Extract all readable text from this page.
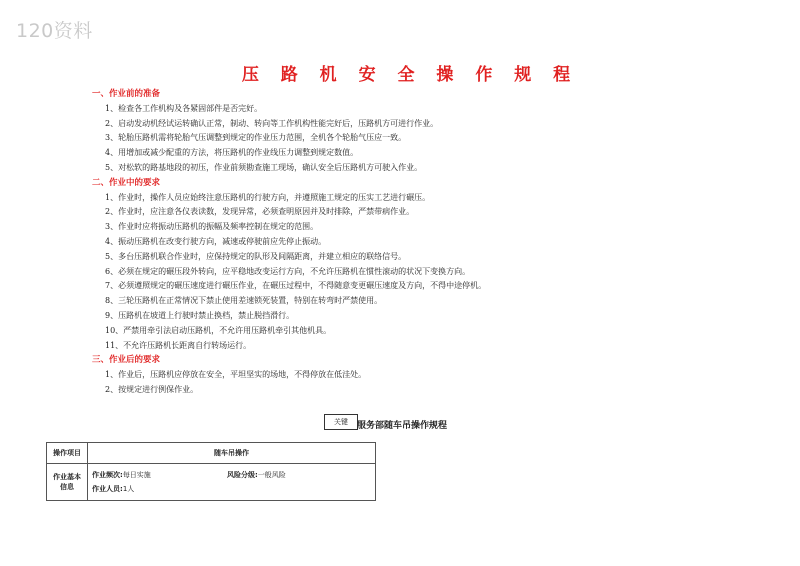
120资料
压 路 机 安 全 操 作 规 程
一、作业前的准备
1、检查各工作机构及各紧固部件是否完好。
2、启动发动机经试运转确认正常，制动、转向等工作机构性能完好后，压路机方可进行作业。
3、轮胎压路机需将轮胎气压调整到规定的作业压力范围，全机各个轮胎气压应一致。
4、用增加或减少配重的方法，将压路机的作业线压力调整到规定数值。
5、对松软的路基地段的初压，作业前须勘查施工现场，确认安全后压路机方可驶入作业。
二、作业中的要求
1、作业时，操作人员应始终注意压路机的行驶方向，并遵照施工规定的压实工艺进行碾压。
2、作业时，应注意各仪表读数，发现异常，必须查明原因并及时排除，严禁带病作业。
3、作业时应将振动压路机的振幅及频率控制在规定的范围。
4、振动压路机在改变行驶方向，减速或停驶前应先停止振动。
5、多台压路机联合作业时，应保持规定的队形及间隔距离，并建立相应的联络信号。
6、必须在规定的碾压段外转向，应平稳地改变运行方向，不允许压路机在惯性滚动的状况下变换方向。
7、必须遵照规定的碾压速度进行碾压作业，在碾压过程中，不得随意变更碾压速度及方向，不得中途停机。
8、三轮压路机在正常情况下禁止使用差速锁死装置，特别在转弯时严禁使用。
9、压路机在坡道上行驶时禁止换档，禁止脱挡滑行。
10、严禁用牵引法启动压路机，不允许用压路机牵引其他机具。
11、不允许压路机长距离自行转场运行。
三、作业后的要求
1、作业后，压路机应停放在安全，平坦坚实的场地，不得停放在低洼处。
2、按规定进行例保作业。
关键	服务部随车吊操作规程
操作项目	随车吊操作
作业基本信息	作业频次:每日实施 风险分级:一般风险
作业人员:1人
